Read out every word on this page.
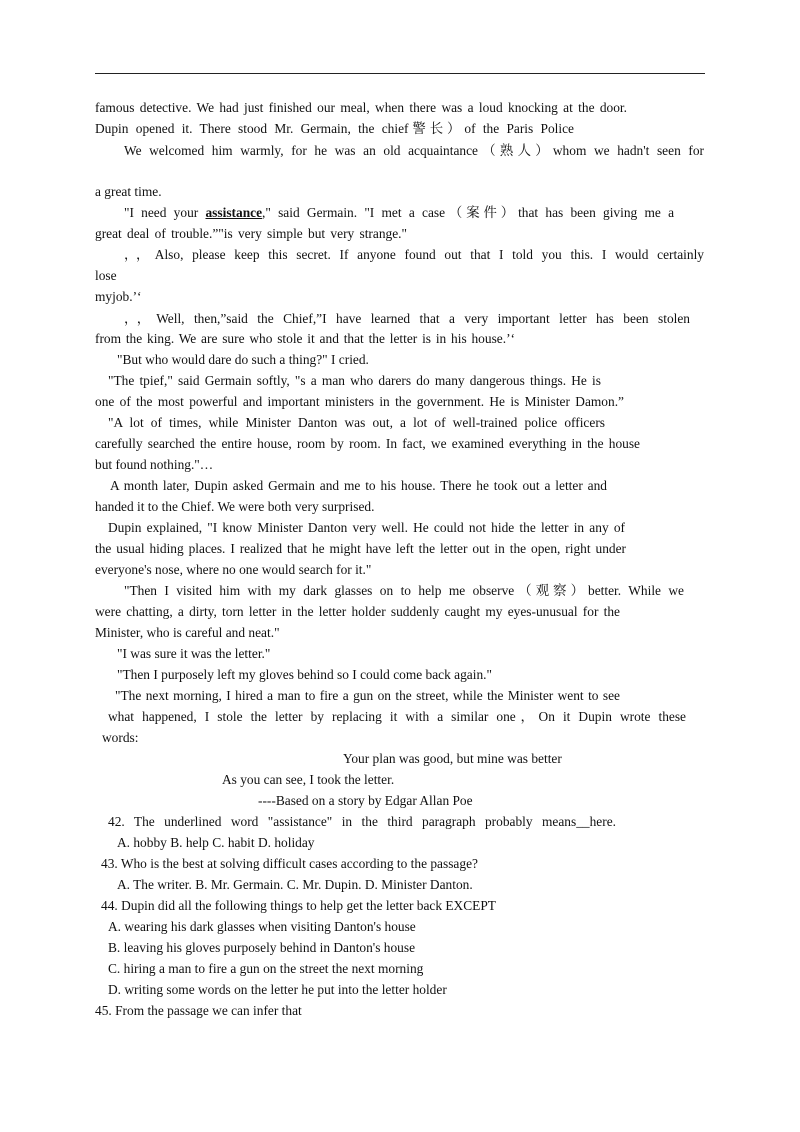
famous detective. We had just finished our meal, when there was a loud knocking at the door.
Dupin opened it. There stood Mr. Germain, the chief警长）of the Paris Police
We welcomed him warmly, for he was an old acquaintance（熟人）whom we hadn't seen for
a great time.
"I need your assistance," said Germain. "I met a case（案件）that has been giving me a
great deal of trouble.”"is very simple but very strange."
，，Also, please keep this secret. If anyone found out that I told you this. I would certainly
lose
myjob.’‘
，，Well, then,”said the Chief,”I have learned that a very important letter has been stolen
from the king. We are sure who stole it and that the letter is in his house.’‘
"But who would dare do such a thing?" I cried.
"The tpief," said Germain softly, "s a man who darers do many dangerous things. He is
one of the most powerful and important ministers in the government. He is Minister Damon.”
"A lot of times, while Minister Danton was out, a lot of well-trained police officers
carefully searched the entire house, room by room. In fact, we examined everything in the house
but found nothing."…
A month later, Dupin asked Germain and me to his house. There he took out a letter and
handed it to the Chief. We were both very surprised.
Dupin explained, "I know Minister Danton very well. He could not hide the letter in any of
the usual hiding places. I realized that he might have left the letter out in the open, right under
everyone's nose, where no one would search for it."
"Then I visited him with my dark glasses on to help me observe（观察）better. While we
were chatting, a dirty, torn letter in the letter holder suddenly caught my eyes-unusual for the
Minister, who is careful and neat."
"I was sure it was the letter."
"Then I purposely left my gloves behind so I could come back again."
"The next morning, I hired a man to fire a gun on the street, while the Minister went to see
what happened, I stole the letter by replacing it with a similar one，On it Dupin wrote these
words:
Your plan was good, but mine was better
As you can see, I took the letter.
----Based on a story by Edgar Allan Poe
42. The underlined word "assistance" in the third paragraph probably means__here.
A. hobby B. help C. habit D. holiday
43. Who is the best at solving difficult cases according to the passage?
A. The writer. B. Mr. Germain. C. Mr. Dupin. D. Minister Danton.
44. Dupin did all the following things to help get the letter back EXCEPT
A. wearing his dark glasses when visiting Danton's house
B. leaving his gloves purposely behind in Danton's house
C. hiring a man to fire a gun on the street the next morning
D. writing some words on the letter he put into the letter holder
45. From the passage we can infer that
